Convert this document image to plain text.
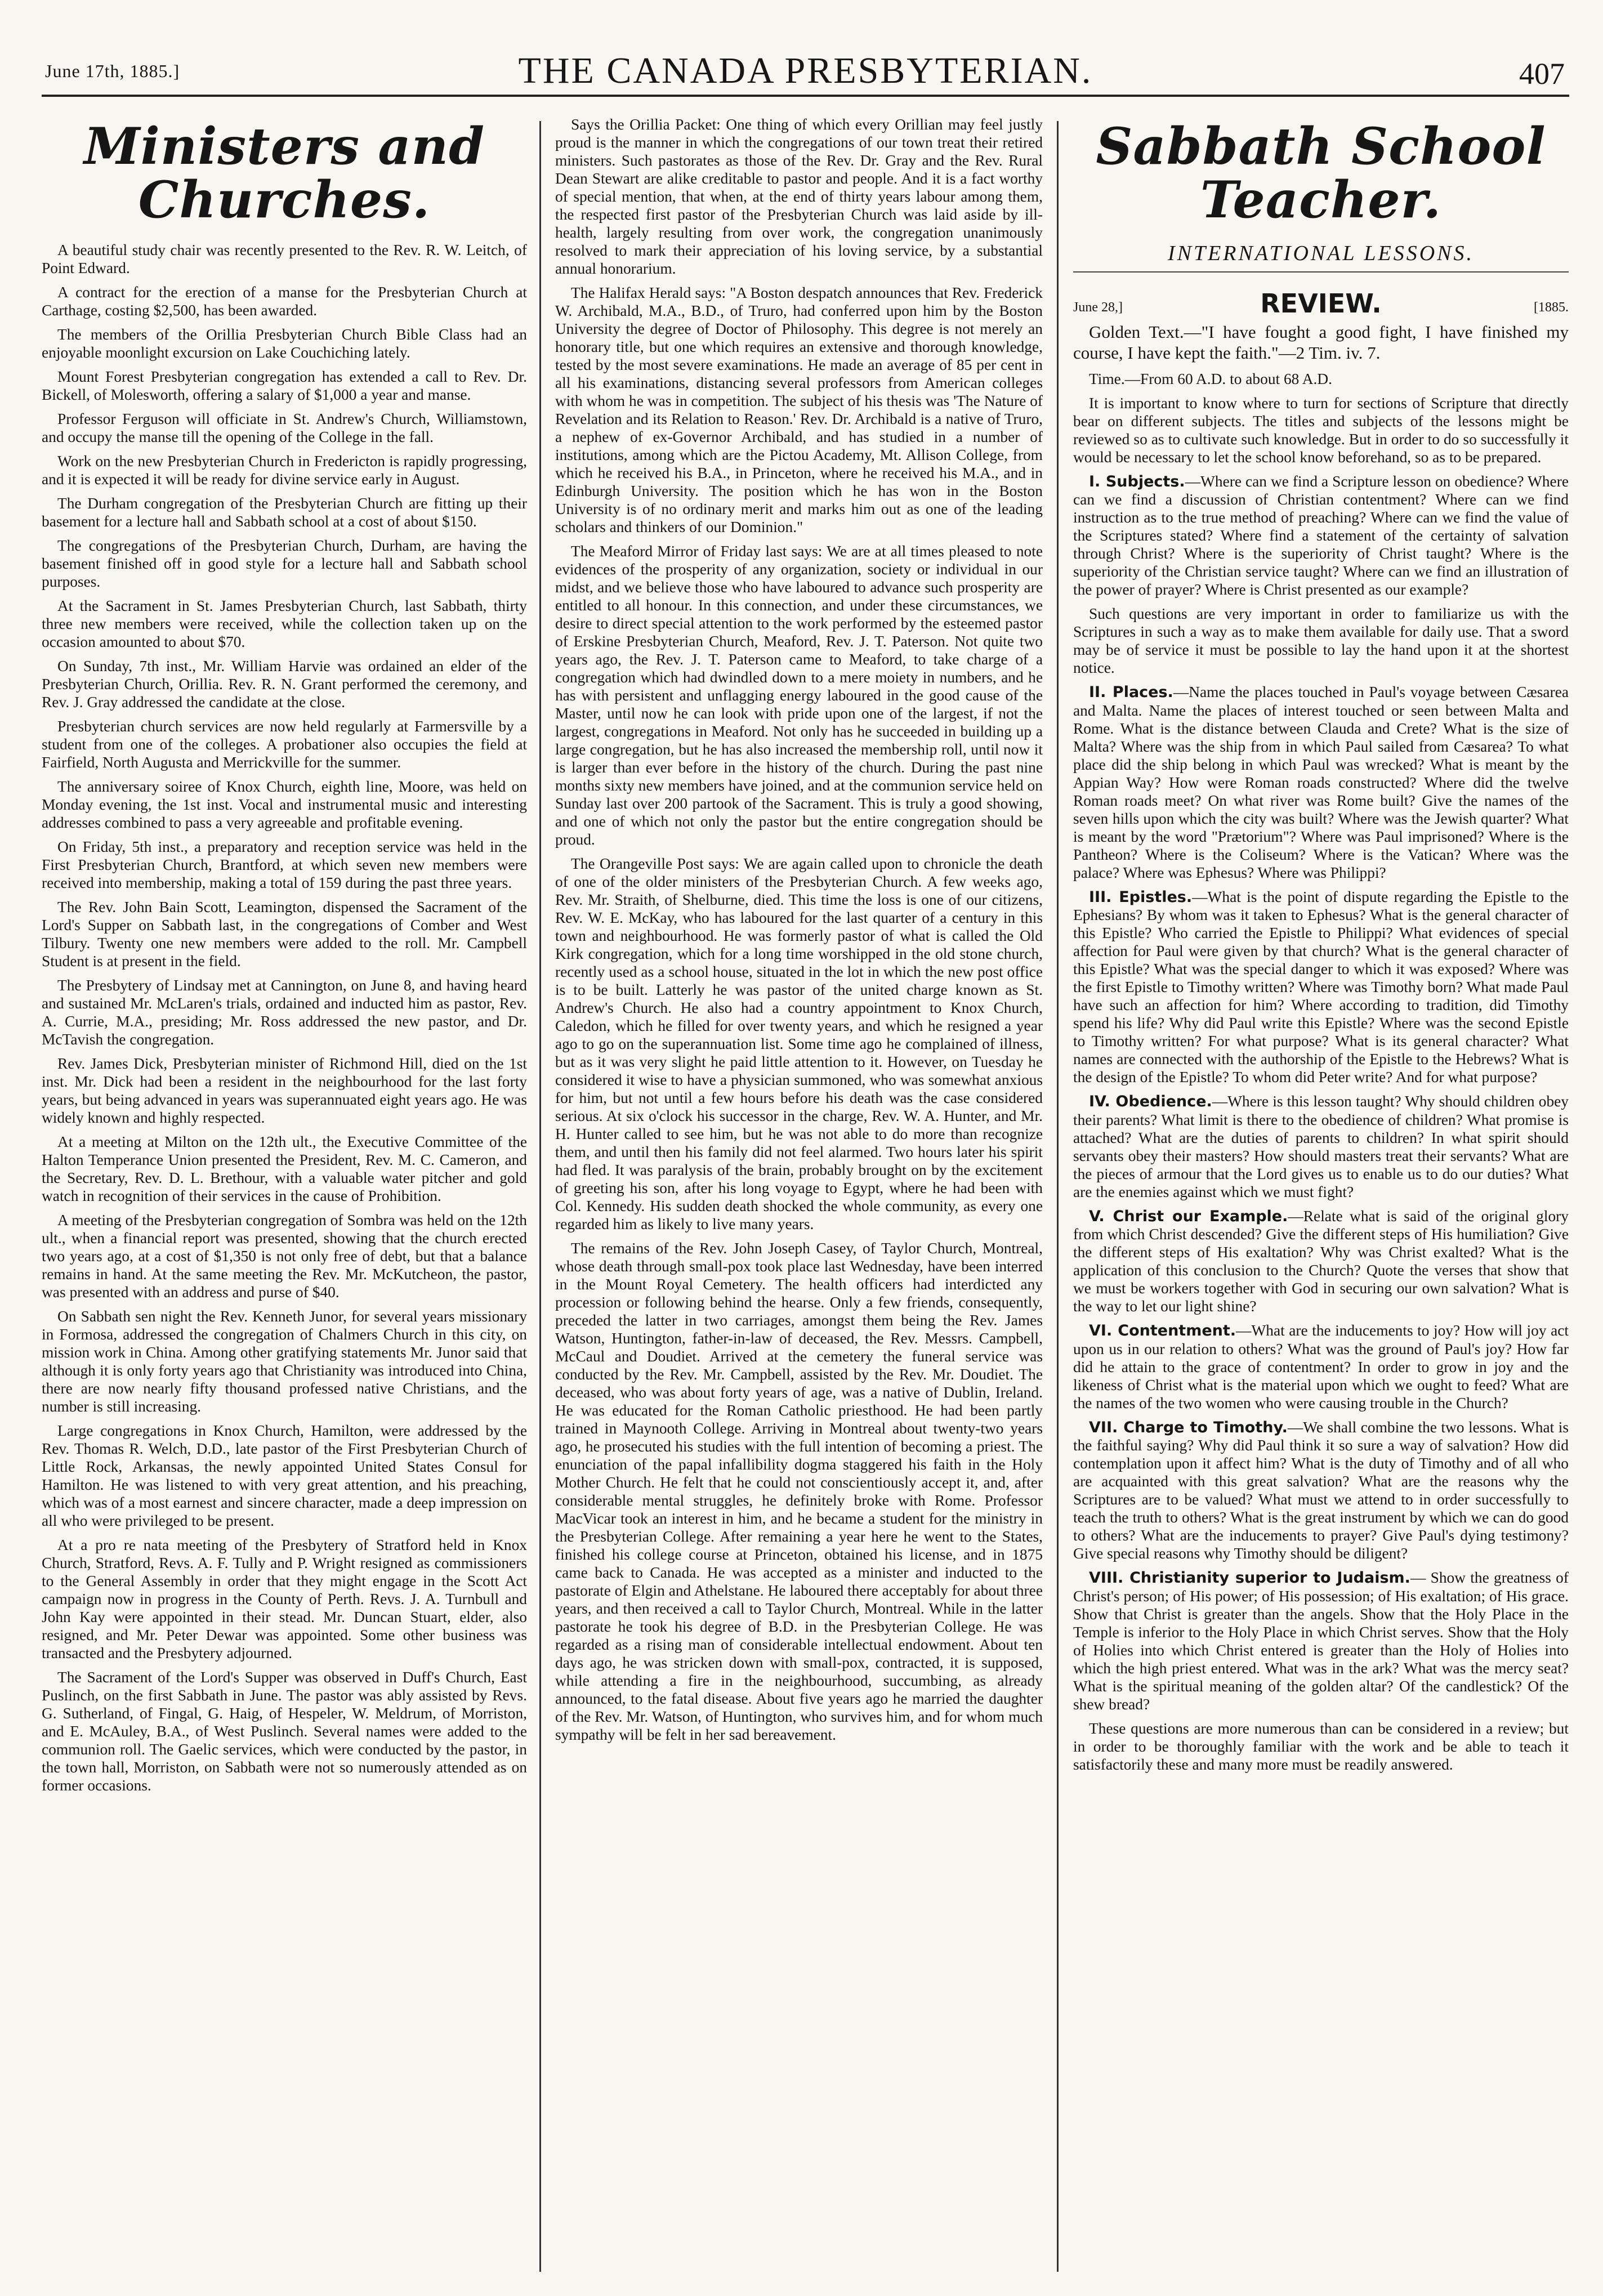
June 17th, 1885.]	THE CANADA PRESBYTERIAN.	407
Ministers and Churches.

A beautiful study chair was recently presented to the Rev. R. W. Leitch, of Point Edward.

A contract for the erection of a manse for the Presbyterian Church at Carthage, costing $2,500, has been awarded.

The members of the Orillia Presbyterian Church Bible Class had an enjoyable moonlight excursion on Lake Couchiching lately.

Mount Forest Presbyterian congregation has extended a call to Rev. Dr. Bickell, of Molesworth, offering a salary of $1,000 a year and manse.

Professor Ferguson will officiate in St. Andrew's Church, Williamstown, and occupy the manse till the opening of the College in the fall.

Work on the new Presbyterian Church in Fredericton is rapidly progressing, and it is expected it will be ready for divine service early in August.

The Durham congregation of the Presbyterian Church are fitting up their basement for a lecture hall and Sabbath school at a cost of about $150.

The congregations of the Presbyterian Church, Durham, are having the basement finished off in good style for a lecture hall and Sabbath school purposes.

At the Sacrament in St. James Presbyterian Church, last Sabbath, thirty three new members were received, while the collection taken up on the occasion amounted to about $70.

On Sunday, 7th inst., Mr. William Harvie was ordained an elder of the Presbyterian Church, Orillia. Rev. R. N. Grant performed the ceremony, and Rev. J. Gray addressed the candidate at the close.

Presbyterian church services are now held regularly at Farmersville by a student from one of the colleges. A probationer also occupies the field at Fairfield, North Augusta and Merrickville for the summer.

The anniversary soiree of Knox Church, eighth line, Moore, was held on Monday evening, the 1st inst. Vocal and instrumental music and interesting addresses combined to pass a very agreeable and profitable evening.

On Friday, 5th inst., a preparatory and reception service was held in the First Presbyterian Church, Brantford, at which seven new members were received into membership, making a total of 159 during the past three years.

The Rev. John Bain Scott, Leamington, dispensed the Sacrament of the Lord's Supper on Sabbath last, in the congregations of Comber and West Tilbury. Twenty one new members were added to the roll. Mr. Campbell Student is at present in the field.

The Presbytery of Lindsay met at Cannington, on June 8, and having heard and sustained Mr. McLaren's trials, ordained and inducted him as pastor, Rev. A. Currie, M.A., presiding; Mr. Ross addressed the new pastor, and Dr. McTavish the congregation.

Rev. James Dick, Presbyterian minister of Richmond Hill, died on the 1st inst. Mr. Dick had been a resident in the neighbourhood for the last forty years, but being advanced in years was superannuated eight years ago. He was widely known and highly respected.

At a meeting at Milton on the 12th ult., the Executive Committee of the Halton Temperance Union presented the President, Rev. M. C. Cameron, and the Secretary, Rev. D. L. Brethour, with a valuable water pitcher and gold watch in recognition of their services in the cause of Prohibition.

A meeting of the Presbyterian congregation of Sombra was held on the 12th ult., when a financial report was presented, showing that the church erected two years ago, at a cost of $1,350 is not only free of debt, but that a balance remains in hand. At the same meeting the Rev. Mr. McKutcheon, the pastor, was presented with an address and purse of $40.

On Sabbath sen night the Rev. Kenneth Junor, for several years missionary in Formosa, addressed the congregation of Chalmers Church in this city, on mission work in China. Among other gratifying statements Mr. Junor said that although it is only forty years ago that Christianity was introduced into China, there are now nearly fifty thousand professed native Christians, and the number is still increasing.

Large congregations in Knox Church, Hamilton, were addressed by the Rev. Thomas R. Welch, D.D., late pastor of the First Presbyterian Church of Little Rock, Arkansas, the newly appointed United States Consul for Hamilton. He was listened to with very great attention, and his preaching, which was of a most earnest and sincere character, made a deep impression on all who were privileged to be present.

At a pro re nata meeting of the Presbytery of Stratford held in Knox Church, Stratford, Revs. A. F. Tully and P. Wright resigned as commissioners to the General Assembly in order that they might engage in the Scott Act campaign now in progress in the County of Perth. Revs. J. A. Turnbull and John Kay were appointed in their stead. Mr. Duncan Stuart, elder, also resigned, and Mr. Peter Dewar was appointed. Some other business was transacted and the Presbytery adjourned.

The Sacrament of the Lord's Supper was observed in Duff's Church, East Puslinch, on the first Sabbath in June. The pastor was ably assisted by Revs. G. Sutherland, of Fingal, G. Haig, of Hespeler, W. Meldrum, of Morriston, and E. McAuley, B.A., of West Puslinch. Several names were added to the communion roll. The Gaelic services, which were conducted by the pastor, in the town hall, Morriston, on Sabbath were not so numerously attended as on former occasions.

Says the Orillia Packet: One thing of which every Orillian may feel justly proud is the manner in which the congregations of our town treat their retired ministers. Such pastorates as those of the Rev. Dr. Gray and the Rev. Rural Dean Stewart are alike creditable to pastor and people. And it is a fact worthy of special mention, that when, at the end of thirty years labour among them, the respected first pastor of the Presbyterian Church was laid aside by ill-health, largely resulting from over work, the congregation unanimously resolved to mark their appreciation of his loving service, by a substantial annual honorarium.

The Halifax Herald says: "A Boston despatch announces that Rev. Frederick W. Archibald, M.A., B.D., of Truro, had conferred upon him by the Boston University the degree of Doctor of Philosophy. This degree is not merely an honorary title, but one which requires an extensive and thorough knowledge, tested by the most severe examinations. He made an average of 85 per cent in all his examinations, distancing several professors from American colleges with whom he was in competition. The subject of his thesis was 'The Nature of Revelation and its Relation to Reason.' Rev. Dr. Archibald is a native of Truro, a nephew of ex-Governor Archibald, and has studied in a number of institutions, among which are the Pictou Academy, Mt. Allison College, from which he received his B.A., in Princeton, where he received his M.A., and in Edinburgh University. The position which he has won in the Boston University is of no ordinary merit and marks him out as one of the leading scholars and thinkers of our Dominion."

The Meaford Mirror of Friday last says: We are at all times pleased to note evidences of the prosperity of any organization, society or individual in our midst, and we believe those who have laboured to advance such prosperity are entitled to all honour. In this connection, and under these circumstances, we desire to direct special attention to the work performed by the esteemed pastor of Erskine Presbyterian Church, Meaford, Rev. J. T. Paterson. Not quite two years ago, the Rev. J. T. Paterson came to Meaford, to take charge of a congregation which had dwindled down to a mere moiety in numbers, and he has with persistent and unflagging energy laboured in the good cause of the Master, until now he can look with pride upon one of the largest, if not the largest, congregations in Meaford. Not only has he succeeded in building up a large congregation, but he has also increased the membership roll, until now it is larger than ever before in the history of the church. During the past nine months sixty new members have joined, and at the communion service held on Sunday last over 200 partook of the Sacrament. This is truly a good showing, and one of which not only the pastor but the entire congregation should be proud.

The Orangeville Post says: We are again called upon to chronicle the death of one of the older ministers of the Presbyterian Church. A few weeks ago, Rev. Mr. Straith, of Shelburne, died. This time the loss is one of our citizens, Rev. W. E. McKay, who has laboured for the last quarter of a century in this town and neighbourhood. He was formerly pastor of what is called the Old Kirk congregation, which for a long time worshipped in the old stone church, recently used as a school house, situated in the lot in which the new post office is to be built. Latterly he was pastor of the united charge known as St. Andrew's Church. He also had a country appointment to Knox Church, Caledon, which he filled for over twenty years, and which he resigned a year ago to go on the superannuation list. Some time ago he complained of illness, but as it was very slight he paid little attention to it. However, on Tuesday he considered it wise to have a physician summoned, who was somewhat anxious for him, but not until a few hours before his death was the case considered serious. At six o'clock his successor in the charge, Rev. W. A. Hunter, and Mr. H. Hunter called to see him, but he was not able to do more than recognize them, and until then his family did not feel alarmed. Two hours later his spirit had fled. It was paralysis of the brain, probably brought on by the excitement of greeting his son, after his long voyage to Egypt, where he had been with Col. Kennedy. His sudden death shocked the whole community, as every one regarded him as likely to live many years.

The remains of the Rev. John Joseph Casey, of Taylor Church, Montreal, whose death through small-pox took place last Wednesday, have been interred in the Mount Royal Cemetery. The health officers had interdicted any procession or following behind the hearse. Only a few friends, consequently, preceded the latter in two carriages, amongst them being the Rev. James Watson, Huntington, father-in-law of deceased, the Rev. Messrs. Campbell, McCaul and Doudiet. Arrived at the cemetery the funeral service was conducted by the Rev. Mr. Campbell, assisted by the Rev. Mr. Doudiet. The deceased, who was about forty years of age, was a native of Dublin, Ireland. He was educated for the Roman Catholic priesthood. He had been partly trained in Maynooth College. Arriving in Montreal about twenty-two years ago, he prosecuted his studies with the full intention of becoming a priest. The enunciation of the papal infallibility dogma staggered his faith in the Holy Mother Church. He felt that he could not conscientiously accept it, and, after considerable mental struggles, he definitely broke with Rome. Professor MacVicar took an interest in him, and he became a student for the ministry in the Presbyterian College. After remaining a year here he went to the States, finished his college course at Princeton, obtained his license, and in 1875 came back to Canada. He was accepted as a minister and inducted to the pastorate of Elgin and Athelstane. He laboured there acceptably for about three years, and then received a call to Taylor Church, Montreal. While in the latter pastorate he took his degree of B.D. in the Presbyterian College. He was regarded as a rising man of considerable intellectual endowment. About ten days ago, he was stricken down with small-pox, contracted, it is supposed, while attending a fire in the neighbourhood, succumbing, as already announced, to the fatal disease. About five years ago he married the daughter of the Rev. Mr. Watson, of Huntington, who survives him, and for whom much sympathy will be felt in her sad bereavement.

Sabbath School Teacher.
INTERNATIONAL LESSONS.
June 28,]	REVIEW.	[1885.

Golden Text.—"I have fought a good fight, I have finished my course, I have kept the faith."—2 Tim. iv. 7.

Time.—From 60 A.D. to about 68 A.D.

It is important to know where to turn for sections of Scripture that directly bear on different subjects. The titles and subjects of the lessons might be reviewed so as to cultivate such knowledge. But in order to do so successfully it would be necessary to let the school know beforehand, so as to be prepared.

I. Subjects.—Where can we find a Scripture lesson on obedience? Where can we find a discussion of Christian contentment? Where can we find instruction as to the true method of preaching? Where can we find the value of the Scriptures stated? Where find a statement of the certainty of salvation through Christ? Where is the superiority of Christ taught? Where is the superiority of the Christian service taught? Where can we find an illustration of the power of prayer? Where is Christ presented as our example?

Such questions are very important in order to familiarize us with the Scriptures in such a way as to make them available for daily use. That a sword may be of service it must be possible to lay the hand upon it at the shortest notice.

II. Places.—Name the places touched in Paul's voyage between Cæsarea and Malta. Name the places of interest touched or seen between Malta and Rome. What is the distance between Clauda and Crete? What is the size of Malta? Where was the ship from in which Paul sailed from Cæsarea? To what place did the ship belong in which Paul was wrecked? What is meant by the Appian Way? How were Roman roads constructed? Where did the twelve Roman roads meet? On what river was Rome built? Give the names of the seven hills upon which the city was built? Where was the Jewish quarter? What is meant by the word "Prætorium"? Where was Paul imprisoned? Where is the Pantheon? Where is the Coliseum? Where is the Vatican? Where was the palace? Where was Ephesus? Where was Philippi?

III. Epistles.—What is the point of dispute regarding the Epistle to the Ephesians? By whom was it taken to Ephesus? What is the general character of this Epistle? Who carried the Epistle to Philippi? What evidences of special affection for Paul were given by that church? What is the general character of this Epistle? What was the special danger to which it was exposed? Where was the first Epistle to Timothy written? Where was Timothy born? What made Paul have such an affection for him? Where according to tradition, did Timothy spend his life? Why did Paul write this Epistle? Where was the second Epistle to Timothy written? For what purpose? What is its general character? What names are connected with the authorship of the Epistle to the Hebrews? What is the design of the Epistle? To whom did Peter write? And for what purpose?

IV. Obedience.—Where is this lesson taught? Why should children obey their parents? What limit is there to the obedience of children? What promise is attached? What are the duties of parents to children? In what spirit should servants obey their masters? How should masters treat their servants? What are the pieces of armour that the Lord gives us to enable us to do our duties? What are the enemies against which we must fight?

V. Christ our Example.—Relate what is said of the original glory from which Christ descended? Give the different steps of His humiliation? Give the different steps of His exaltation? Why was Christ exalted? What is the application of this conclusion to the Church? Quote the verses that show that we must be workers together with God in securing our own salvation? What is the way to let our light shine?

VI. Contentment.—What are the inducements to joy? How will joy act upon us in our relation to others? What was the ground of Paul's joy? How far did he attain to the grace of contentment? In order to grow in joy and the likeness of Christ what is the material upon which we ought to feed? What are the names of the two women who were causing trouble in the Church?

VII. Charge to Timothy.—We shall combine the two lessons. What is the faithful saying? Why did Paul think it so sure a way of salvation? How did contemplation upon it affect him? What is the duty of Timothy and of all who are acquainted with this great salvation? What are the reasons why the Scriptures are to be valued? What must we attend to in order successfully to teach the truth to others? What is the great instrument by which we can do good to others? What are the inducements to prayer? Give Paul's dying testimony? Give special reasons why Timothy should be diligent?

VIII. Christianity superior to Judaism.— Show the greatness of Christ's person; of His power; of His possession; of His exaltation; of His grace. Show that Christ is greater than the angels. Show that the Holy Place in the Temple is inferior to the Holy Place in which Christ serves. Show that the Holy of Holies into which Christ entered is greater than the Holy of Holies into which the high priest entered. What was in the ark? What was the mercy seat? What is the spiritual meaning of the golden altar? Of the candlestick? Of the shew bread?

These questions are more numerous than can be considered in a review; but in order to be thoroughly familiar with the work and be able to teach it satisfactorily these and many more must be readily answered.
